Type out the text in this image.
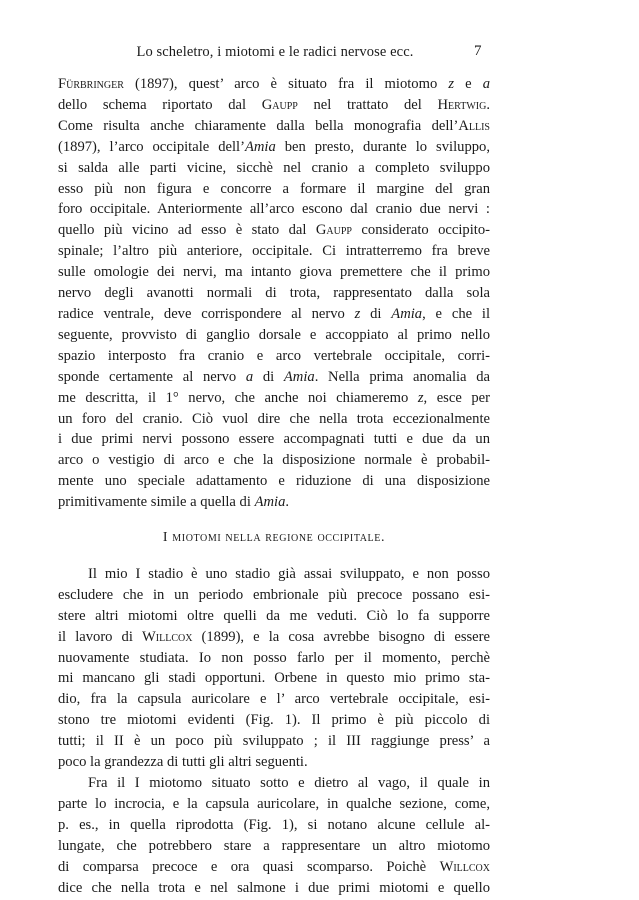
Lo scheletro, i miotomi e le radici nervose ecc.	7
Fürbringer (1897), quest’ arco è situato fra il miotomo z e a
dello schema riportato dal Gaupp nel trattato del Hertwig.
Come risulta anche chiaramente dalla bella monografia dell’Allis
(1897), l’arco occipitale dell’Amia ben presto, durante lo sviluppo,
si salda alle parti vicine, sicchè nel cranio a completo sviluppo
esso più non figura e concorre a formare il margine del gran
foro occipitale. Anteriormente all’arco escono dal cranio due nervi :
quello più vicino ad esso è stato dal Gaupp considerato occipito-
spinale; l’altro più anteriore, occipitale. Ci intratterremo fra breve
sulle omologie dei nervi, ma intanto giova premettere che il primo
nervo degli avanotti normali di trota, rappresentato dalla sola
radice ventrale, deve corrispondere al nervo z di Amia, e che il
seguente, provvisto di ganglio dorsale e accoppiato al primo nello
spazio interposto fra cranio e arco vertebrale occipitale, corri-
sponde certamente al nervo a di Amia. Nella prima anomalia da
me descritta, il 1° nervo, che anche noi chiameremo z, esce per
un foro del cranio. Ciò vuol dire che nella trota eccezionalmente
i due primi nervi possono essere accompagnati tutti e due da un
arco o vestigio di arco e che la disposizione normale è probabil-
mente uno speciale adattamento e riduzione di una disposizione
primitivamente simile a quella di Amia.
I miotomi nella regione occipitale.
Il mio I stadio è uno stadio già assai sviluppato, e non posso
escludere che in un periodo embrionale più precoce possano esi-
stere altri miotomi oltre quelli da me veduti. Ciò lo fa supporre
il lavoro di Willcox (1899), e la cosa avrebbe bisogno di essere
nuovamente studiata. Io non posso farlo per il momento, perchè
mi mancano gli stadi opportuni. Orbene in questo mio primo sta-
dio, fra la capsula auricolare e l’ arco vertebrale occipitale, esi-
stono tre miotomi evidenti (Fig. 1). Il primo è più piccolo di
tutti; il II è un poco più sviluppato ; il III raggiunge press’ a
poco la grandezza di tutti gli altri seguenti.
Fra il I miotomo situato sotto e dietro al vago, il quale in
parte lo incrocia, e la capsula auricolare, in qualche sezione, come,
p. es., in quella riprodotta (Fig. 1), si notano alcune cellule al-
lungate, che potrebbero stare a rappresentare un altro miotomo
di comparsa precoce e ora quasi scomparso. Poichè Willcox
dice che nella trota e nel salmone i due primi miotomi e quello
